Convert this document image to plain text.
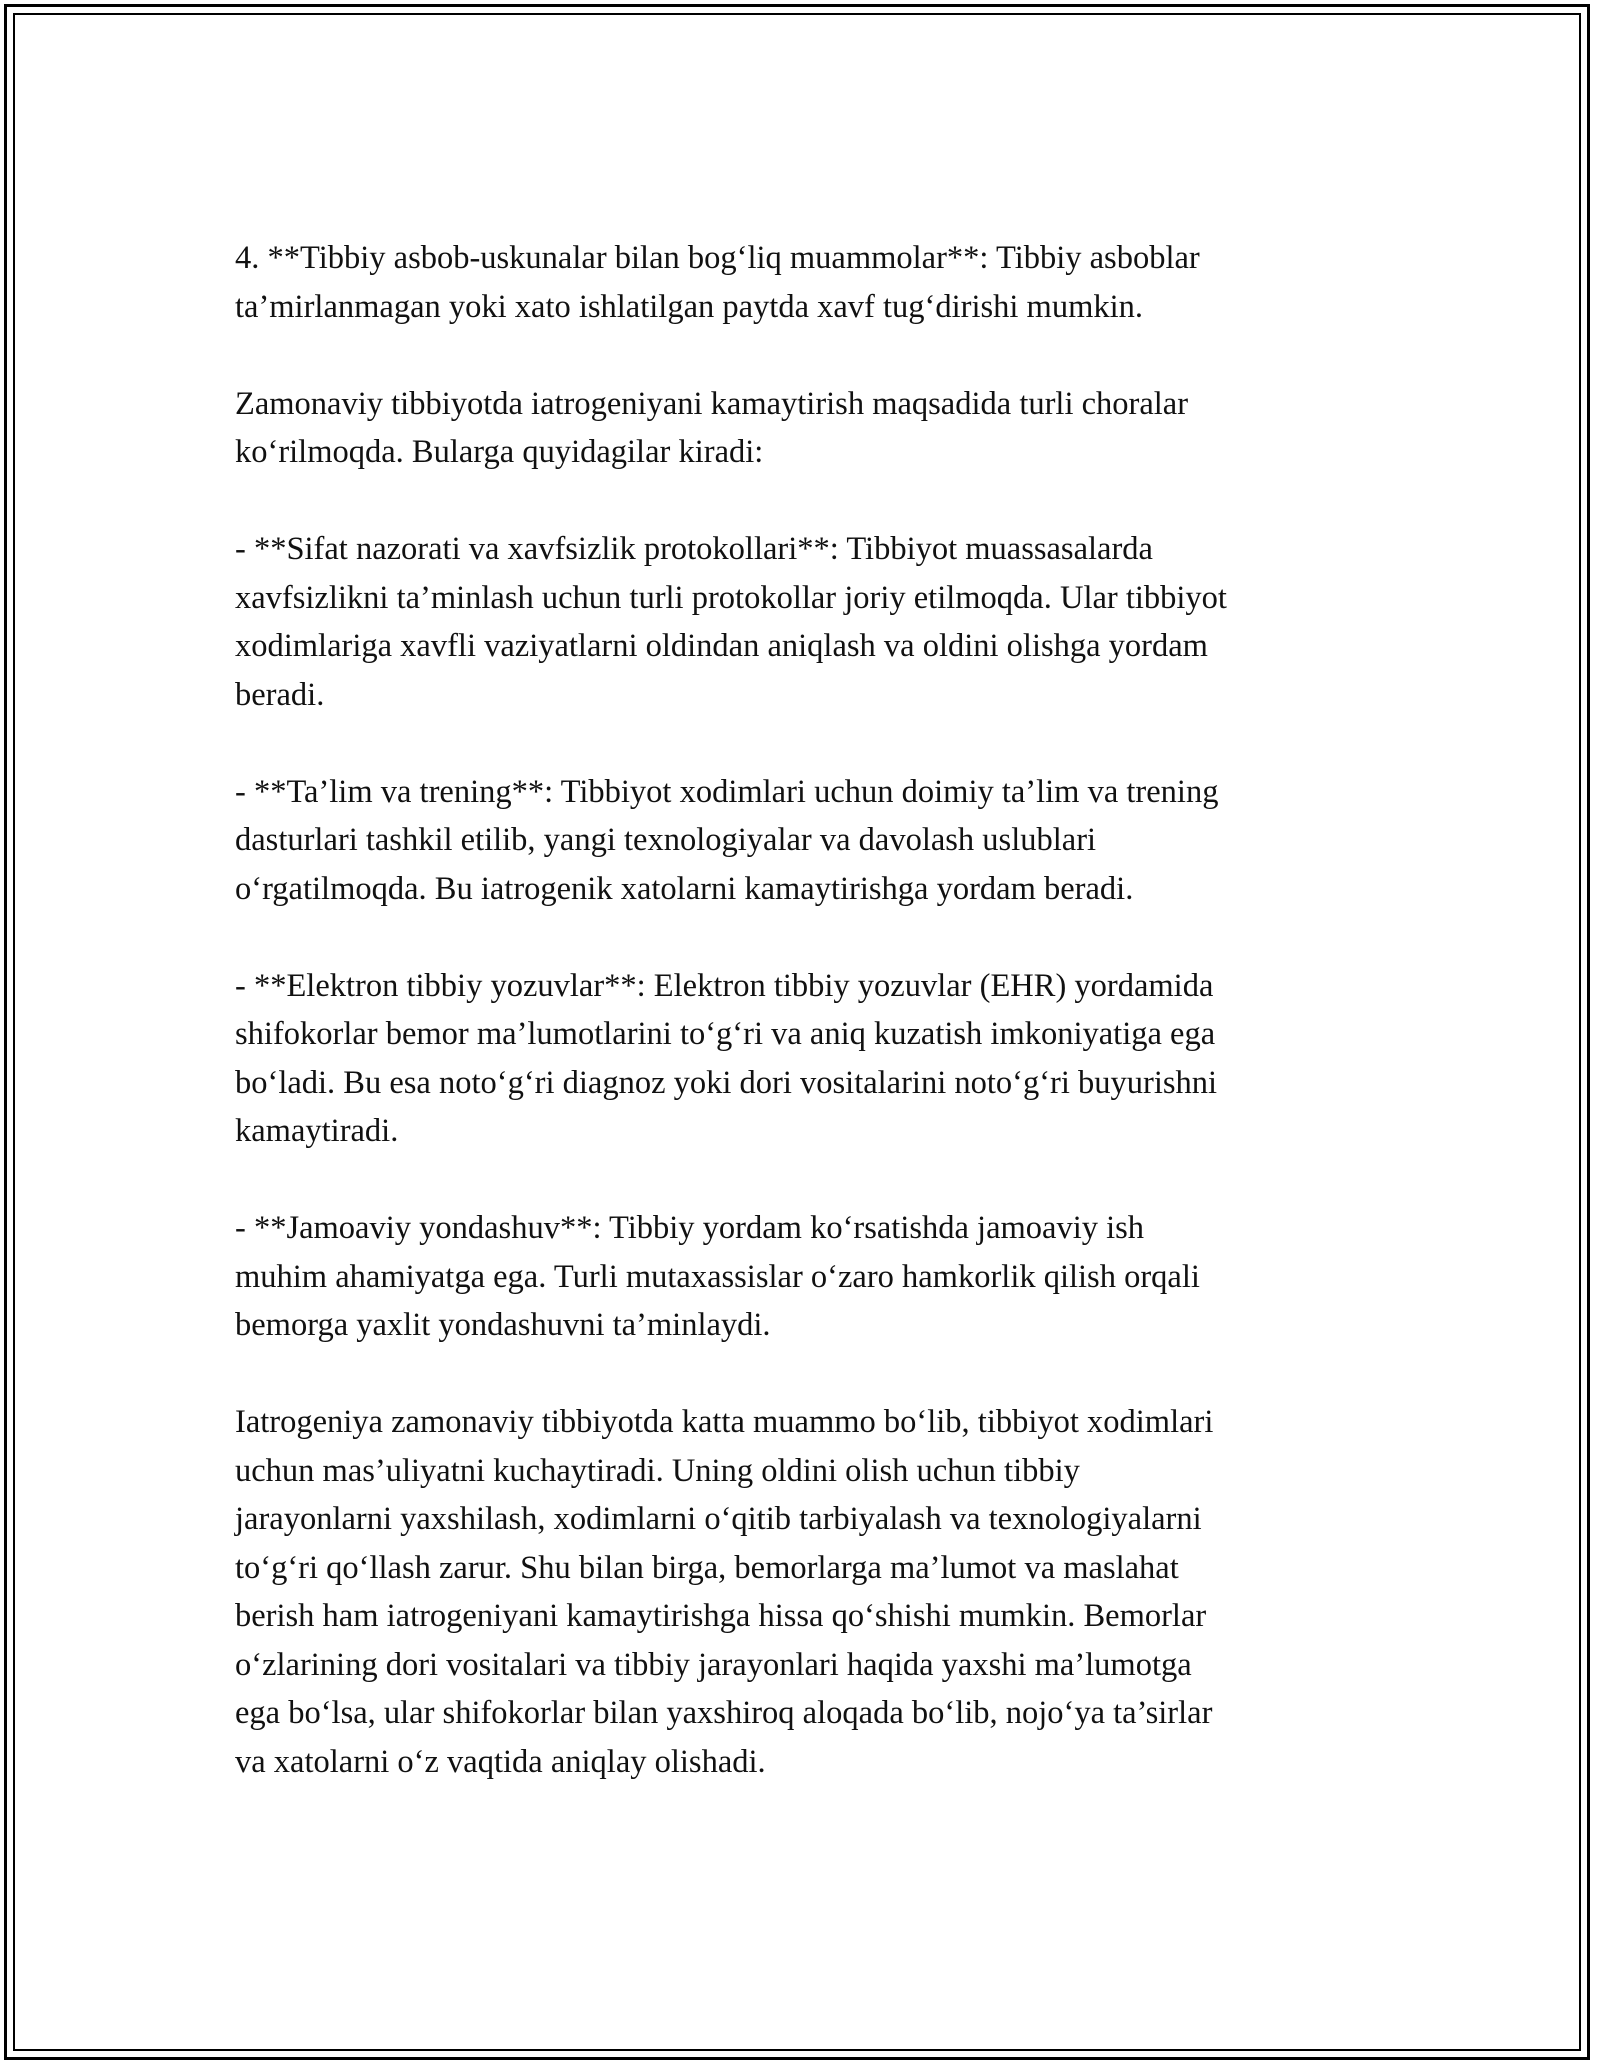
4. **Tibbiy asbob-uskunalar bilan bog‘liq muammolar**: Tibbiy asboblar
ta’mirlanmagan yoki xato ishlatilgan paytda xavf tug‘dirishi mumkin.

Zamonaviy tibbiyotda iatrogeniyani kamaytirish maqsadida turli choralar
ko‘rilmoqda. Bularga quyidagilar kiradi:

- **Sifat nazorati va xavfsizlik protokollari**: Tibbiyot muassasalarda
xavfsizlikni ta’minlash uchun turli protokollar joriy etilmoqda. Ular tibbiyot
xodimlariga xavfli vaziyatlarni oldindan aniqlash va oldini olishga yordam
beradi.

- **Ta’lim va trening**: Tibbiyot xodimlari uchun doimiy ta’lim va trening
dasturlari tashkil etilib, yangi texnologiyalar va davolash uslublari
o‘rgatilmoqda. Bu iatrogenik xatolarni kamaytirishga yordam beradi.

- **Elektron tibbiy yozuvlar**: Elektron tibbiy yozuvlar (EHR) yordamida
shifokorlar bemor ma’lumotlarini to‘g‘ri va aniq kuzatish imkoniyatiga ega
bo‘ladi. Bu esa noto‘g‘ri diagnoz yoki dori vositalarini noto‘g‘ri buyurishni
kamaytiradi.

- **Jamoaviy yondashuv**: Tibbiy yordam ko‘rsatishda jamoaviy ish
muhim ahamiyatga ega. Turli mutaxassislar o‘zaro hamkorlik qilish orqali
bemorga yaxlit yondashuvni ta’minlaydi.

Iatrogeniya zamonaviy tibbiyotda katta muammo bo‘lib, tibbiyot xodimlari
uchun mas’uliyatni kuchaytiradi. Uning oldini olish uchun tibbiy
jarayonlarni yaxshilash, xodimlarni o‘qitib tarbiyalash va texnologiyalarni
to‘g‘ri qo‘llash zarur. Shu bilan birga, bemorlarga ma’lumot va maslahat
berish ham iatrogeniyani kamaytirishga hissa qo‘shishi mumkin. Bemorlar
o‘zlarining dori vositalari va tibbiy jarayonlari haqida yaxshi ma’lumotga
ega bo‘lsa, ular shifokorlar bilan yaxshiroq aloqada bo‘lib, nojo‘ya ta’sirlar
va xatolarni o‘z vaqtida aniqlay olishadi.
